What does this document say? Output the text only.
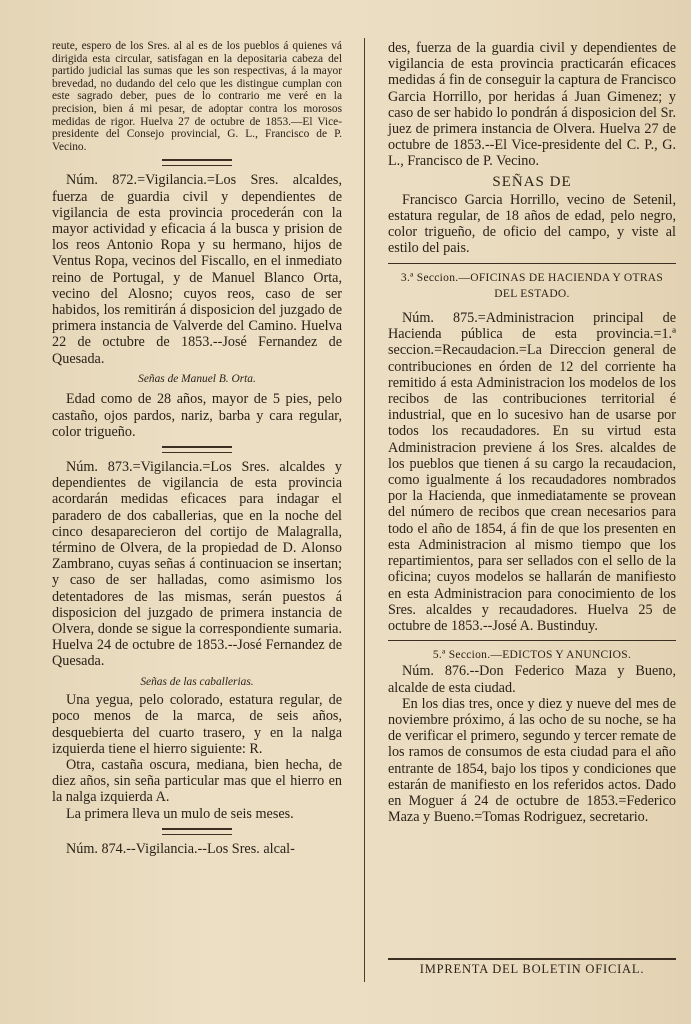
reute, espero de los Sres. al al es de los pueblos á quienes vá dirigida esta circular, satisfagan en la depositaria cabeza del partido judicial las sumas que les son respectivas, á la mayor brevedad, no dudando del celo que les distingue cumplan con este sagrado deber, pues de lo contrario me veré en la precision, bien á mi pesar, de adoptar contra los morosos medidas de rigor. Huelva 27 de octubre de 1853.—El Vice-presidente del Consejo provincial, G. L., Francisco de P. Vecino.

Núm. 872.=Vigilancia.=Los Sres. alcaldes, fuerza de guardia civil y dependientes de vigilancia de esta provincia procederán con la mayor actividad y eficacia á la busca y prision de los reos Antonio Ropa y su hermano, hijos de Ventus Ropa, vecinos del Fiscallo, en el inmediato reino de Portugal, y de Manuel Blanco Orta, vecino del Alosno; cuyos reos, caso de ser habidos, los remitirán á disposicion del juzgado de primera instancia de Valverde del Camino. Huelva 22 de octubre de 1853.--José Fernandez de Quesada.

Señas de Manuel B. Orta.

Edad como de 28 años, mayor de 5 pies, pelo castaño, ojos pardos, nariz, barba y cara regular, color trigueño.

Núm. 873.=Vigilancia.=Los Sres. alcaldes y dependientes de vigilancia de esta provincia acordarán medidas eficaces para indagar el paradero de dos caballerias, que en la noche del cinco desaparecieron del cortijo de Malagralla, término de Olvera, de la propiedad de D. Alonso Zambrano, cuyas señas á continuacion se insertan; y caso de ser halladas, como asimismo los detentadores de las mismas, serán puestos á disposicion del juzgado de primera instancia de Olvera, donde se sigue la correspondiente sumaria. Huelva 24 de octubre de 1853.--José Fernandez de Quesada.

Señas de las caballerias.

Una yegua, pelo colorado, estatura regular, de poco menos de la marca, de seis años, desquebierta del cuarto trasero, y en la nalga izquierda tiene el hierro siguiente: R.

Otra, castaña oscura, mediana, bien hecha, de diez años, sin seña particular mas que el hierro en la nalga izquierda A.

La primera lleva un mulo de seis meses.

Núm. 874.--Vigilancia.--Los Sres. alcal-

des, fuerza de la guardia civil y dependientes de vigilancia de esta provincia practicarán eficaces medidas á fin de conseguir la captura de Francisco Garcia Horrillo, por heridas á Juan Gimenez; y caso de ser habido lo pondrán á disposicion del Sr. juez de primera instancia de Olvera. Huelva 27 de octubre de 1853.--El Vice-presidente del C. P., G. L., Francisco de P. Vecino.

SEÑAS DE

Francisco Garcia Horrillo, vecino de Setenil, estatura regular, de 18 años de edad, pelo negro, color trigueño, de oficio del campo, y viste al estilo del pais.

3.ª Seccion.—OFICINAS DE HACIENDA Y OTRAS DEL ESTADO.

Núm. 875.=Administracion principal de Hacienda pública de esta provincia.=1.ª seccion.=Recaudacion.=La Direccion general de contribuciones en órden de 12 del corriente ha remitido á esta Administracion los modelos de los recibos de las contribuciones territorial é industrial, que en lo sucesivo han de usarse por todos los recaudadores. En su virtud esta Administracion previene á los Sres. alcaldes de los pueblos que tienen á su cargo la recaudacion, como igualmente á los recaudadores nombrados por la Hacienda, que inmediatamente se provean del número de recibos que crean necesarios para todo el año de 1854, á fin de que los presenten en esta Administracion al mismo tiempo que los repartimientos, para ser sellados con el sello de la oficina; cuyos modelos se hallarán de manifiesto en esta Administracion para conocimiento de los Sres. alcaldes y recaudadores. Huelva 25 de octubre de 1853.--José A. Bustinduy.

5.ª Seccion.—EDICTOS Y ANUNCIOS.

Núm. 876.--Don Federico Maza y Bueno, alcalde de esta ciudad.

En los dias tres, once y diez y nueve del mes de noviembre próximo, á las ocho de su noche, se ha de verificar el primero, segundo y tercer remate de los ramos de consumos de esta ciudad para el año entrante de 1854, bajo los tipos y condiciones que estarán de manifiesto en los referidos actos. Dado en Moguer á 24 de octubre de 1853.=Federico Maza y Bueno.=Tomas Rodriguez, secretario.

IMPRENTA DEL BOLETIN OFICIAL.
